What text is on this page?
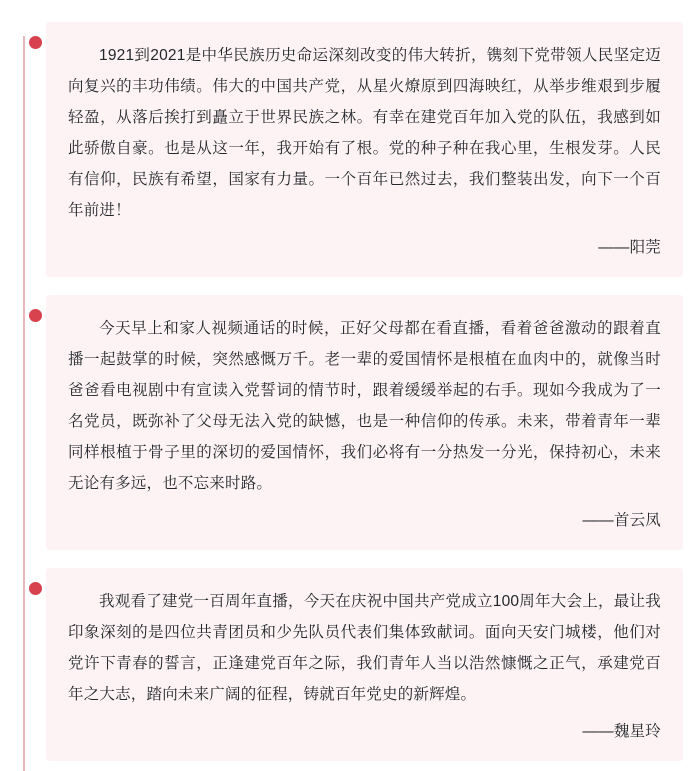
1921到2021是中华民族历史命运深刻改变的伟大转折，镌刻下党带领人民坚定迈向复兴的丰功伟绩。伟大的中国共产党，从星火燎原到四海映红，从举步维艰到步履轻盈，从落后挨打到矗立于世界民族之林。有幸在建党百年加入党的队伍，我感到如此骄傲自豪。也是从这一年，我开始有了根。党的种子种在我心里，生根发芽。人民有信仰，民族有希望，国家有力量。一个百年已然过去，我们整装出发，向下一个百年前进！
——阳莞
今天早上和家人视频通话的时候，正好父母都在看直播，看着爸爸激动的跟着直播一起鼓掌的时候，突然感慨万千。老一辈的爱国情怀是根植在血肉中的，就像当时爸爸看电视剧中有宣读入党誓词的情节时，跟着缓缓举起的右手。现如今我成为了一名党员，既弥补了父母无法入党的缺憾，也是一种信仰的传承。未来，带着青年一辈同样根植于骨子里的深切的爱国情怀，我们必将有一分热发一分光，保持初心，未来无论有多远，也不忘来时路。
——首云凤
我观看了建党一百周年直播，今天在庆祝中国共产党成立100周年大会上，最让我印象深刻的是四位共青团员和少先队员代表们集体致献词。面向天安门城楼，他们对党许下青春的誓言，正逢建党百年之际，我们青年人当以浩然慷慨之正气，承建党百年之大志，踏向未来广阔的征程，铸就百年党史的新辉煌。
——魏星玲
